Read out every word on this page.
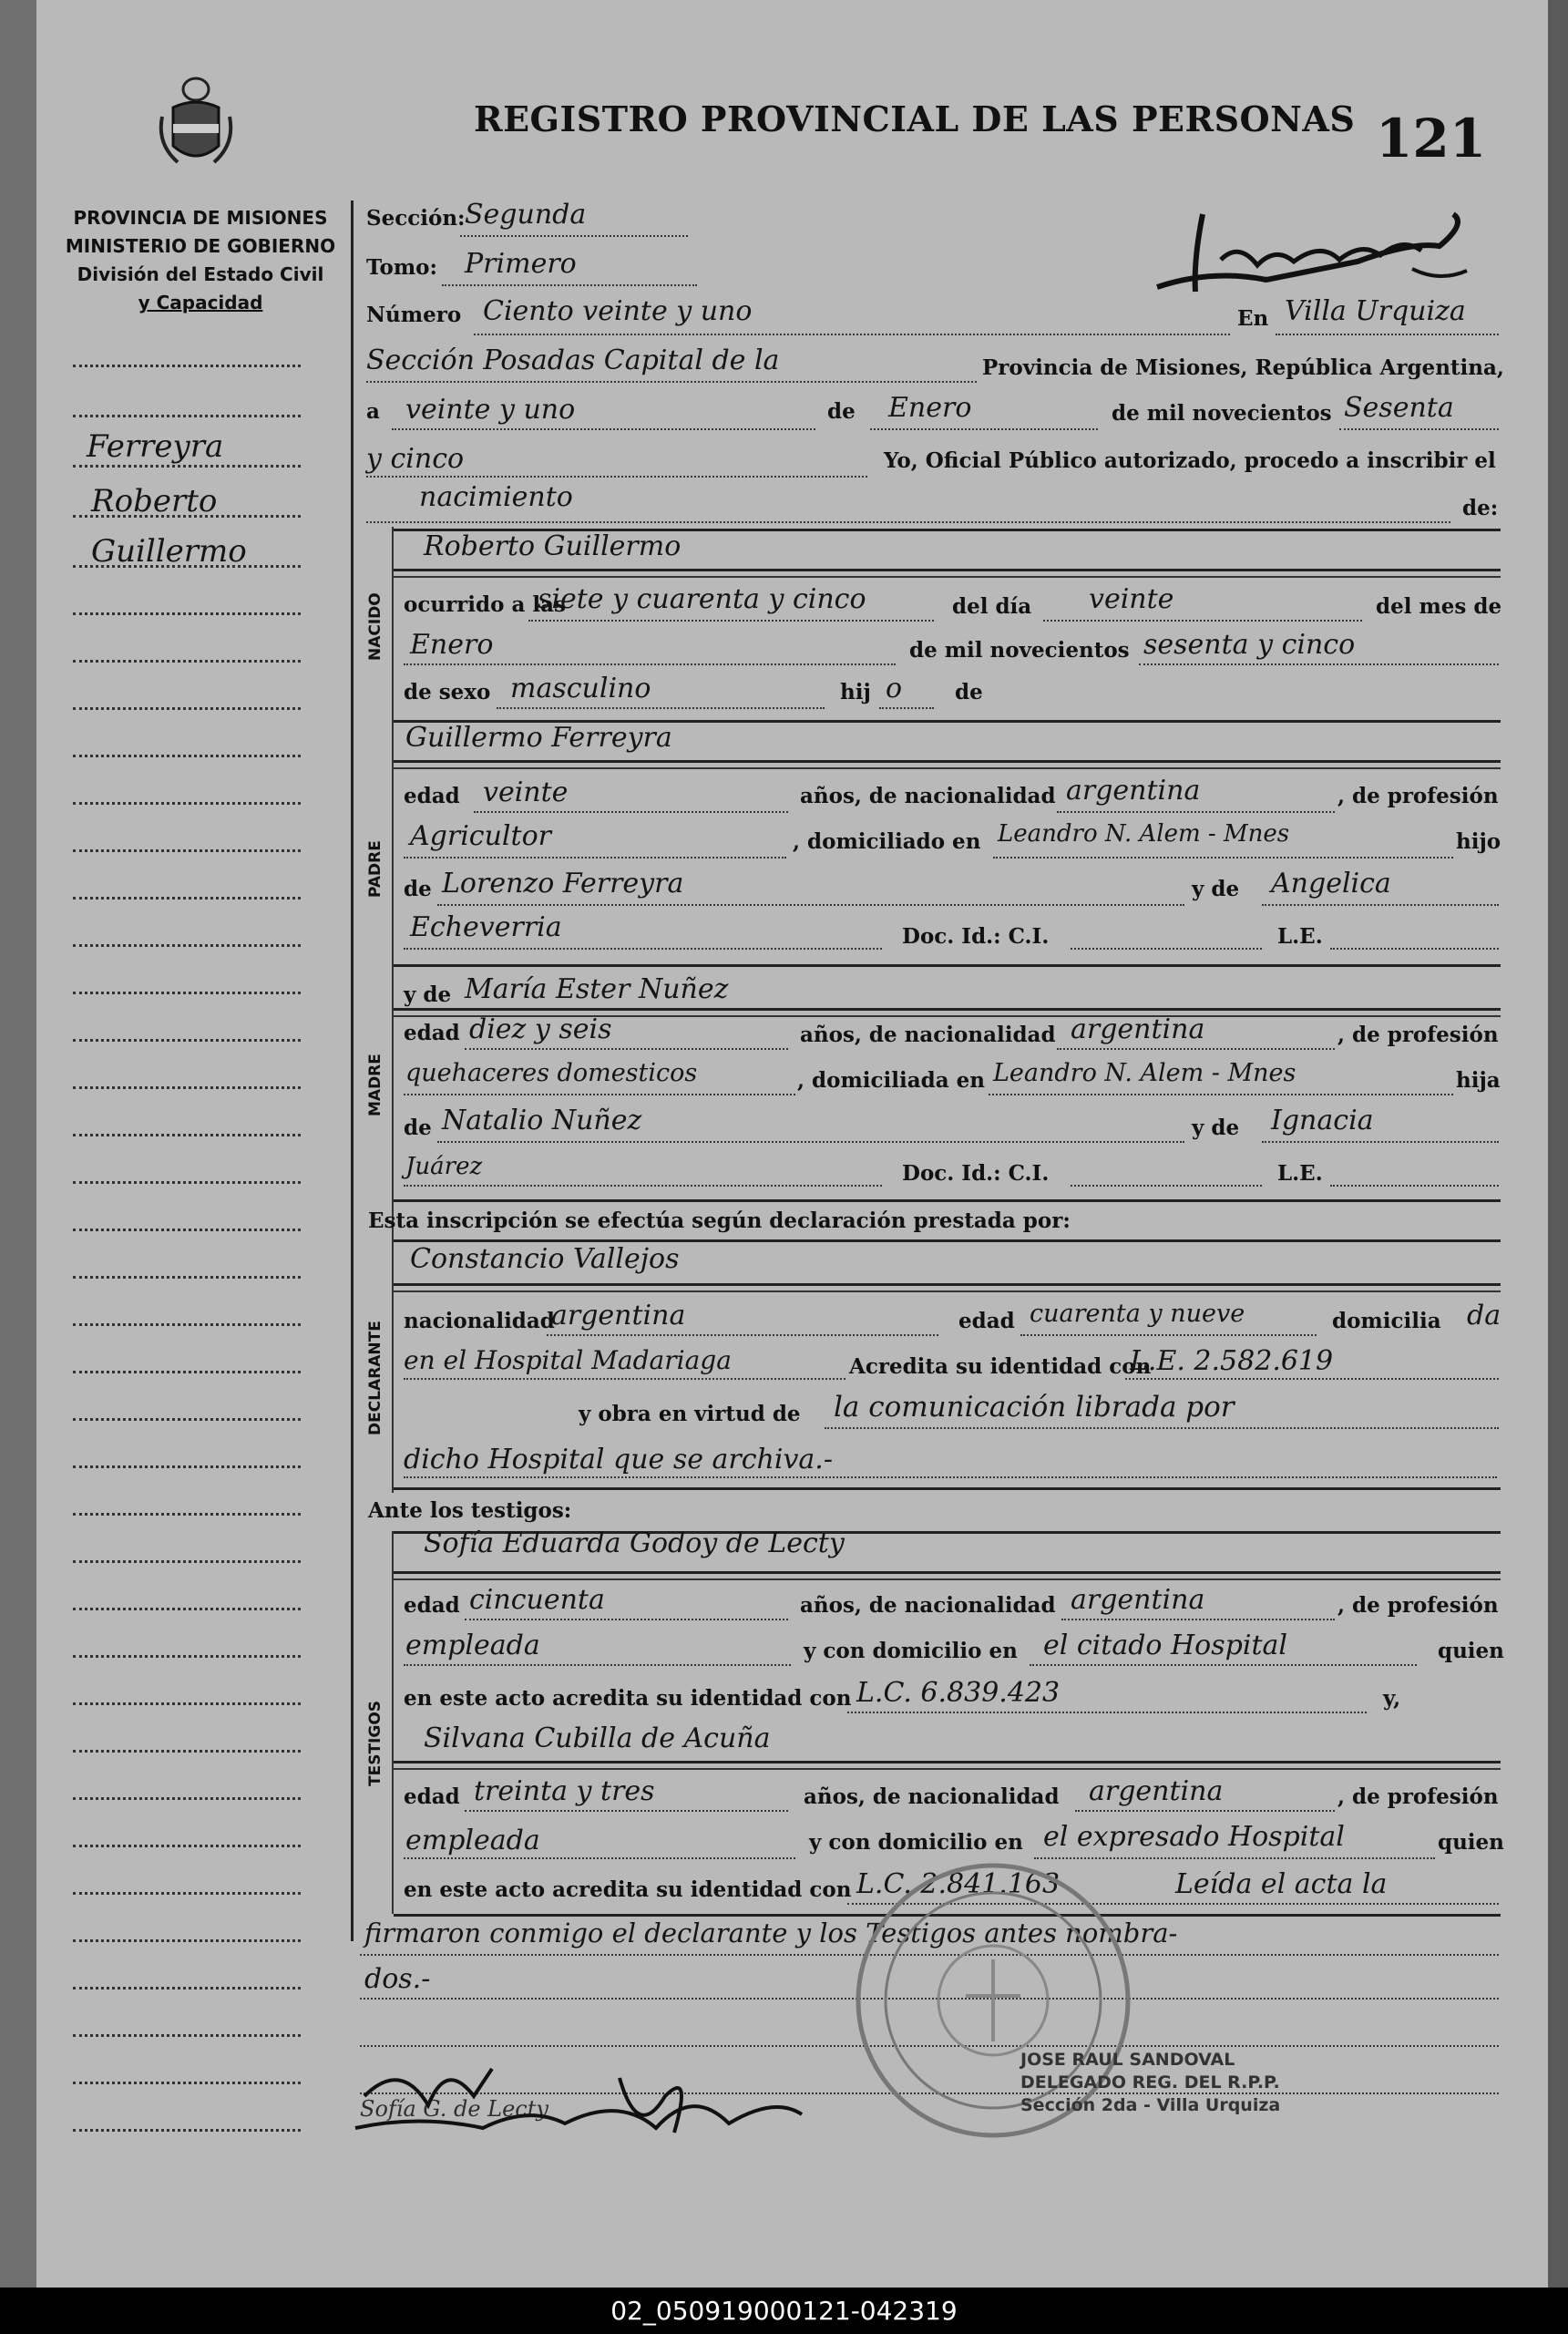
REGISTRO PROVINCIAL DE LAS PERSONAS 121
PROVINCIA DE MISIONES
MINISTERIO DE GOBIERNO
División del Estado Civil
y Capacidad
Ferreyra
Roberto
Guillermo
Sección: Segunda
Tomo: Primero
Número Ciento veinte y uno	En Villa Urquiza
Sección Posadas Capital de la	Provincia de Misiones, República Argentina,
a veinte y uno	de Enero	de mil novecientos Sesenta
y cinco	Yo, Oficial Público autorizado, procedo a inscribir el
nacimiento	de:
NACIDO
Roberto Guillermo
ocurrido a las
siete y cuarenta y cinco	del día veinte	del mes de
Enero	de mil novecientos sesenta y cinco
de sexo masculino	hij o	de
PADRE
Guillermo Ferreyra
edad veinte	años, de nacionalidad argentina	, de profesión
Agricultor	, domiciliado en Leandro N. Alem - Mnes	hijo
de Lorenzo Ferreyra	y de Angelica
Echeverria	Doc. Id.: C.I.	L.E.
y de María Ester Nuñez
MADRE
edad diez y seis	años, de nacionalidad argentina	, de profesión
quehaceres domesticos	, domiciliada en Leandro N. Alem - Mnes	hija
de Natalio Nuñez	y de Ignacia
Juárez	Doc. Id.: C.I.	L.E.
Esta inscripción se efectúa según declaración prestada por:
DECLARANTE
Constancio Vallejos
nacionalidad
argentina	edad cuarenta y nueve	domicilia da
en el Hospital Madariaga	Acredita su identidad con
L.E. 2.582.619
y obra en virtud de la comunicación librada por
dicho Hospital que se archiva.-
Ante los testigos:
TESTIGOS
Sofía Eduarda Godoy de Lecty
edad cincuenta	años, de nacionalidad argentina	, de profesión
empleada	y con domicilio en el citado Hospital	quien
en este acto acredita su identidad con L.C. 6.839.423	y,
Silvana Cubilla de Acuña
edad treinta y tres	años, de nacionalidad argentina	, de profesión
empleada	y con domicilio en el expresado Hospital	quien
en este acto acredita su identidad con L.C. 2.841.163	Leída el acta la
firmaron conmigo el declarante y los Testigos antes nombra-
dos.-
Sofía G. de Lecty
JOSE RAUL SANDOVAL
DELEGADO REG. DEL R.P.P.
Sección 2da - Villa Urquiza
02_050919000121-042319
